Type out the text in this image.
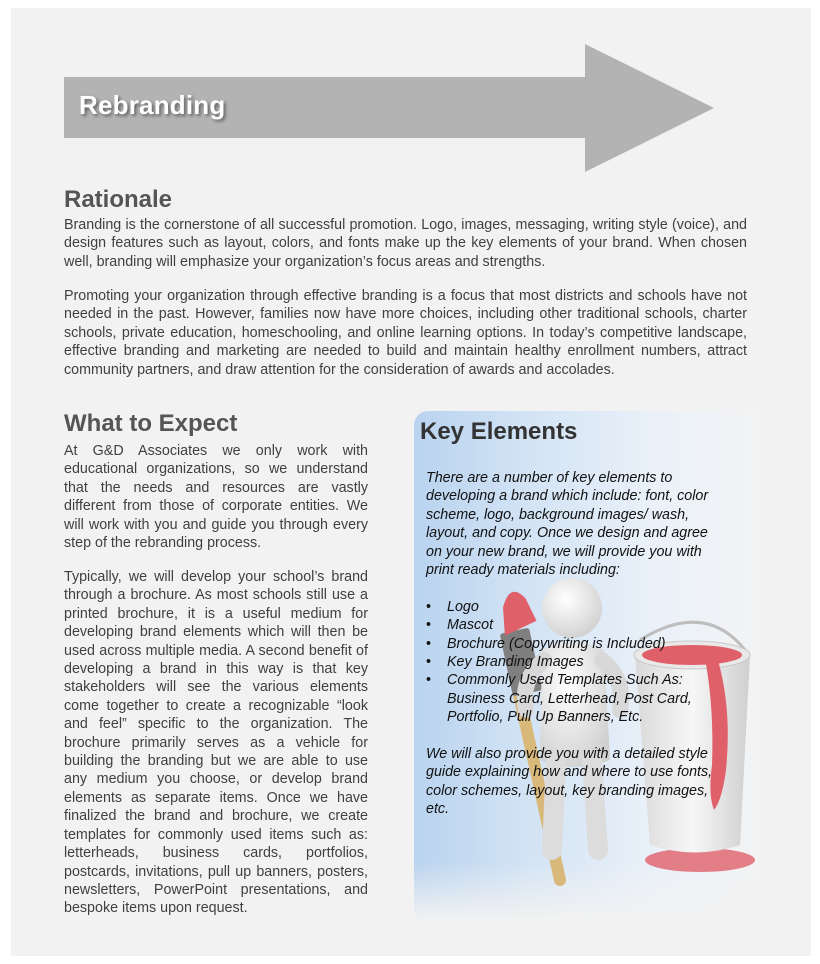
Rebranding
Rationale

Branding is the cornerstone of all successful promotion. Logo, images, messaging, writing style (voice), and design features such as layout, colors, and fonts make up the key elements of your brand. When chosen well, branding will emphasize your organization’s focus areas and strengths.

Promoting your organization through effective branding is a focus that most districts and schools have not needed in the past. However, families now have more choices, including other traditional schools, charter schools, private education, homeschooling, and online learning options. In today’s competitive landscape, effective branding and marketing are needed to build and maintain healthy enrollment numbers, attract community partners, and draw attention for the consideration of awards and accolades.

What to Expect

At G&D Associates we only work with educational organizations, so we understand that the needs and resources are vastly different from those of corporate entities. We will work with you and guide you through every step of the rebranding process.

Typically, we will develop your school’s brand through a brochure. As most schools still use a printed brochure, it is a useful medium for developing brand elements which will then be used across multiple media. A second benefit of developing a brand in this way is that key stakeholders will see the various elements come together to create a recognizable “look and feel” specific to the organization. The brochure primarily serves as a vehicle for building the branding but we are able to use any medium you choose, or develop brand elements as separate items. Once we have finalized the brand and brochure, we create templates for commonly used items such as: letterheads, business cards, portfolios, postcards, invitations, pull up banners, posters, newsletters, PowerPoint presentations, and bespoke items upon request.

Key Elements
There are a number of key elements to developing a brand which include: font, color scheme, logo, background images/ wash, layout, and copy. Once we design and agree on your new brand, we will provide you with print ready materials including:
• Logo
• Mascot
• Brochure (Copywriting is Included)
• Key Branding Images
• Commonly Used Templates Such As: Business Card, Letterhead, Post Card, Portfolio, Pull Up Banners, Etc.
We will also provide you with a detailed style guide explaining how and where to use fonts, color schemes, layout, key branding images, etc.
